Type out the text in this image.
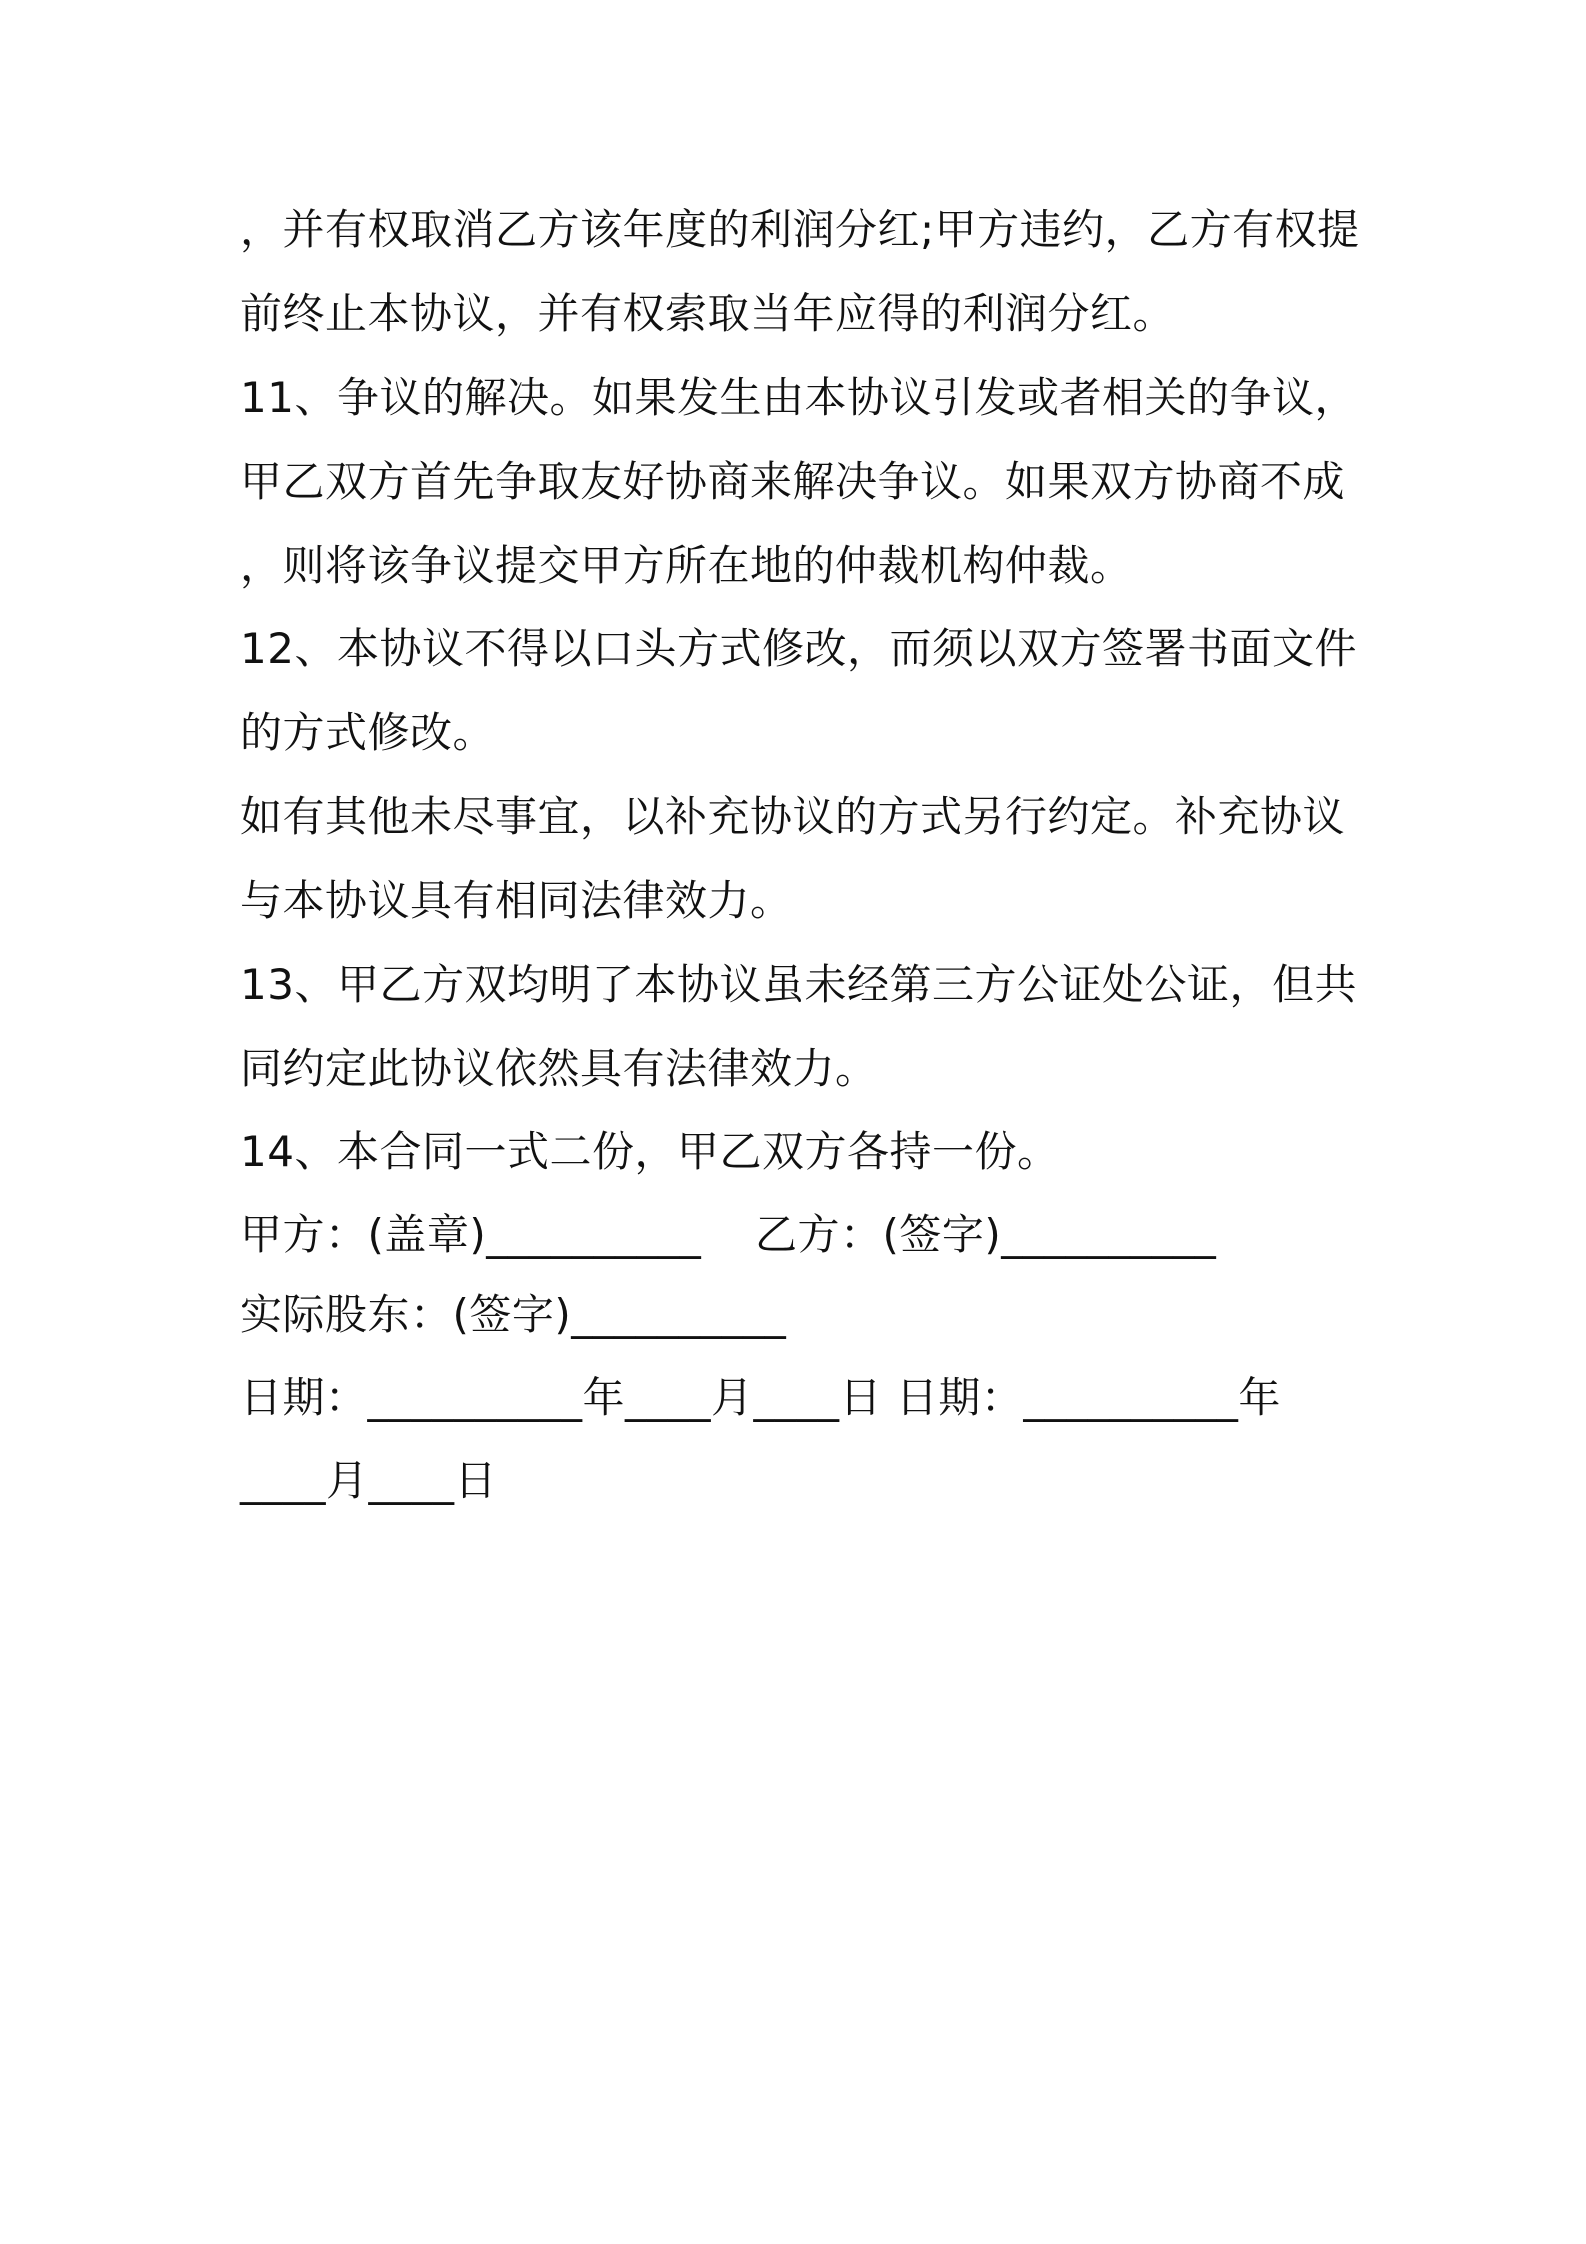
，并有权取消乙方该年度的利润分红;甲方违约，乙方有权提
前终止本协议，并有权索取当年应得的利润分红。
11、争议的解决。如果发生由本协议引发或者相关的争议，
甲乙双方首先争取友好协商来解决争议。如果双方协商不成
，则将该争议提交甲方所在地的仲裁机构仲裁。
12、本协议不得以口头方式修改，而须以双方签署书面文件
的方式修改。
如有其他未尽事宜，以补充协议的方式另行约定。补充协议
与本协议具有相同法律效力。
13、甲乙方双均明了本协议虽未经第三方公证处公证，但共
同约定此协议依然具有法律效力。
14、本合同一式二份，甲乙双方各持一份。
甲方：(盖章)__________ 乙方：(签字)__________
实际股东：(签字)__________
日期：__________年____月____日 日期：__________年
____月____日
